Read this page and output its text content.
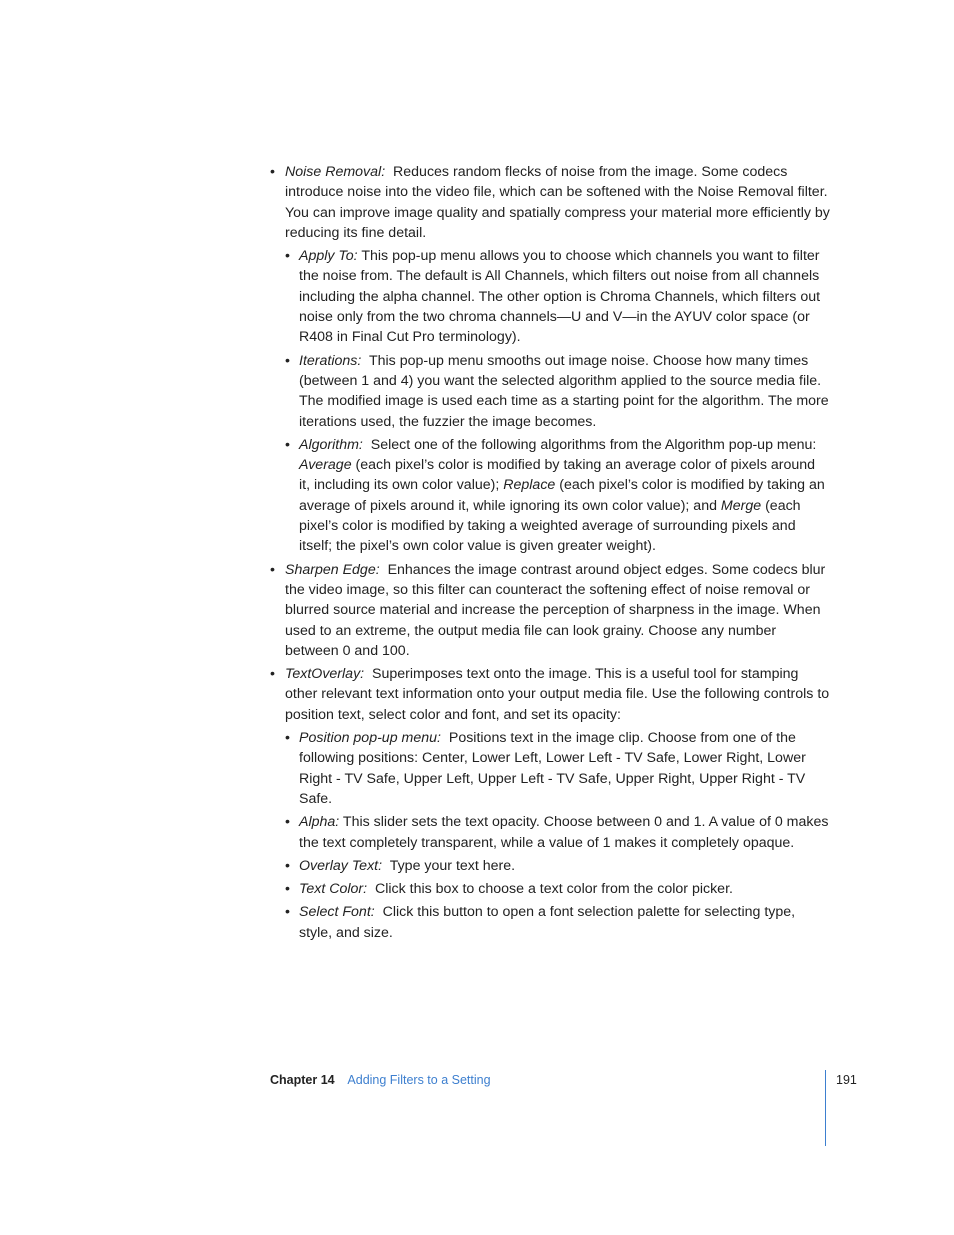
• Noise Removal: Reduces random flecks of noise from the image. Some codecs introduce noise into the video file, which can be softened with the Noise Removal filter. You can improve image quality and spatially compress your material more efficiently by reducing its fine detail.
• Apply To: This pop-up menu allows you to choose which channels you want to filter the noise from. The default is All Channels, which filters out noise from all channels including the alpha channel. The other option is Chroma Channels, which filters out noise only from the two chroma channels—U and V—in the AYUV color space (or R408 in Final Cut Pro terminology).
• Iterations: This pop-up menu smooths out image noise. Choose how many times (between 1 and 4) you want the selected algorithm applied to the source media file. The modified image is used each time as a starting point for the algorithm. The more iterations used, the fuzzier the image becomes.
• Algorithm: Select one of the following algorithms from the Algorithm pop-up menu: Average (each pixel’s color is modified by taking an average color of pixels around it, including its own color value); Replace (each pixel’s color is modified by taking an average of pixels around it, while ignoring its own color value); and Merge (each pixel’s color is modified by taking a weighted average of surrounding pixels and itself; the pixel’s own color value is given greater weight).
• Sharpen Edge: Enhances the image contrast around object edges. Some codecs blur the video image, so this filter can counteract the softening effect of noise removal or blurred source material and increase the perception of sharpness in the image. When used to an extreme, the output media file can look grainy. Choose any number between 0 and 100.
• TextOverlay: Superimposes text onto the image. This is a useful tool for stamping other relevant text information onto your output media file. Use the following controls to position text, select color and font, and set its opacity:
• Position pop-up menu: Positions text in the image clip. Choose from one of the following positions: Center, Lower Left, Lower Left - TV Safe, Lower Right, Lower Right - TV Safe, Upper Left, Upper Left - TV Safe, Upper Right, Upper Right - TV Safe.
• Alpha: This slider sets the text opacity. Choose between 0 and 1. A value of 0 makes the text completely transparent, while a value of 1 makes it completely opaque.
• Overlay Text: Type your text here.
• Text Color: Click this box to choose a text color from the color picker.
• Select Font: Click this button to open a font selection palette for selecting type, style, and size.
Chapter 14 Adding Filters to a Setting	191
